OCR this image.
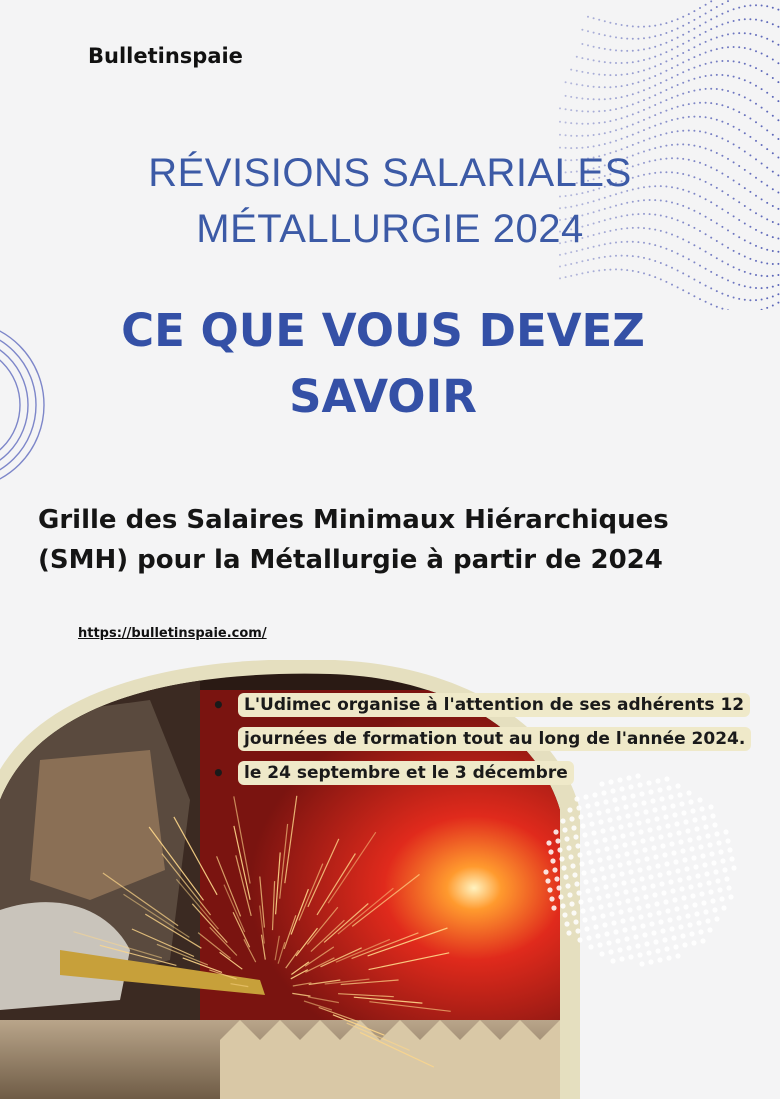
Bulletinspaie
RÉVISIONS SALARIALES
MÉTALLURGIE 2024
CE QUE VOUS DEVEZ
SAVOIR
Grille des Salaires Minimaux Hiérarchiques
(SMH) pour la Métallurgie à partir de 2024
https://bulletinspaie.com/
• L'Udimec organise à l'attention de ses adhérents 12
journées de formation tout au long de l'année 2024.
• le 24 septembre et le 3 décembre
